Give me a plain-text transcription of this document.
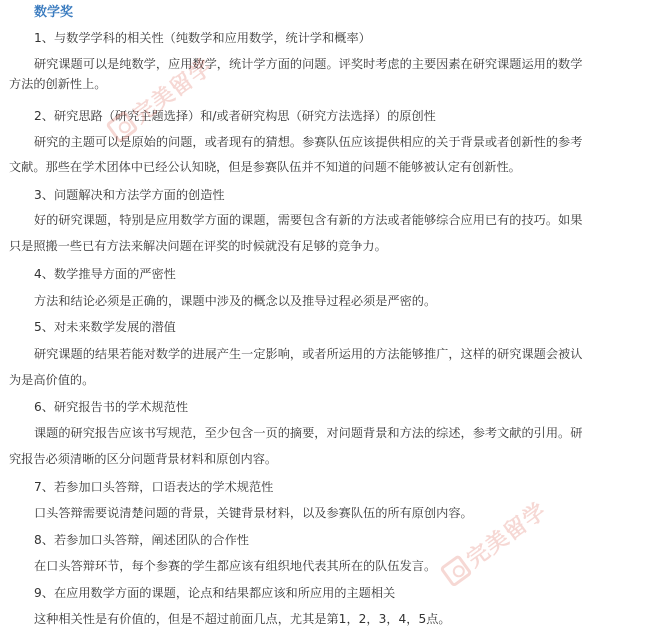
数学奖
1、与数学学科的相关性（纯数学和应用数学，统计学和概率）
研究课题可以是纯数学，应用数学，统计学方面的问题。评奖时考虑的主要因素在研究课题运用的数学
方法的创新性上。
2、研究思路（研究主题选择）和/或者研究构思（研究方法选择）的原创性
研究的主题可以是原始的问题，或者现有的猜想。参赛队伍应该提供相应的关于背景或者创新性的参考
文献。那些在学术团体中已经公认知晓，但是参赛队伍并不知道的问题不能够被认定有创新性。
3、问题解决和方法学方面的创造性
好的研究课题，特别是应用数学方面的课题，需要包含有新的方法或者能够综合应用已有的技巧。如果
只是照搬一些已有方法来解决问题在评奖的时候就没有足够的竞争力。
4、数学推导方面的严密性
方法和结论必须是正确的，课题中涉及的概念以及推导过程必须是严密的。
5、对未来数学发展的潜值
研究课题的结果若能对数学的进展产生一定影响，或者所运用的方法能够推广，这样的研究课题会被认
为是高价值的。
6、研究报告书的学术规范性
课题的研究报告应该书写规范，至少包含一页的摘要，对问题背景和方法的综述，参考文献的引用。研
究报告必须清晰的区分问题背景材料和原创内容。
7、若参加口头答辩，口语表达的学术规范性
口头答辩需要说清楚问题的背景，关键背景材料，以及参赛队伍的所有原创内容。
8、若参加口头答辩，阐述团队的合作性
在口头答辩环节，每个参赛的学生都应该有组织地代表其所在的队伍发言。
9、在应用数学方面的课题，论点和结果都应该和所应用的主题相关
这种相关性是有价值的，但是不超过前面几点，尤其是第1，2，3，4，5点。
完美留学
完美留学
